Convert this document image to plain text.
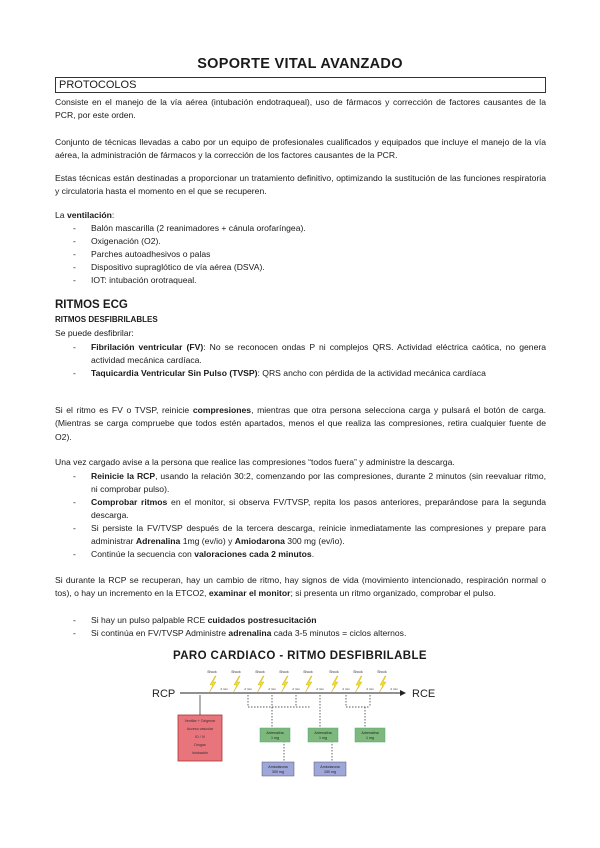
SOPORTE VITAL AVANZADO
PROTOCOLOS

Consiste en el manejo de la vía aérea (intubación endotraqueal), uso de fármacos y corrección de factores causantes de la PCR, por este orden.

Conjunto de técnicas llevadas a cabo por un equipo de profesionales cualificados y equipados que incluye el manejo de la vía aérea, la administración de fármacos y la corrección de los factores causantes de la PCR.

Estas técnicas están destinadas a proporcionar un tratamiento definitivo, optimizando la sustitución de las funciones respiratoria y circulatoria hasta el momento en el que se recuperen.

La ventilación:

- Balón mascarilla (2 reanimadores + cánula orofaríngea).
- Oxigenación (O2).
- Parches autoadhesivos o palas
- Dispositivo supraglótico de vía aérea (DSVA).
- IOT: intubación orotraqueal.
RITMOS ECG
RITMOS DESFIBRILABLES

Se puede desfibrilar:

- Fibrilación ventricular (FV): No se reconocen ondas P ni complejos QRS. Actividad eléctrica caótica, no genera actividad mecánica cardíaca.
- Taquicardia Ventricular Sin Pulso (TVSP): QRS ancho con pérdida de la actividad mecánica cardíaca

Si el ritmo es FV o TVSP, reinicie compresiones, mientras que otra persona selecciona carga y pulsará el botón de carga. (Mientras se carga compruebe que todos estén apartados, menos el que realiza las compresiones, retira cualquier fuente de O2).

Una vez cargado avise a la persona que realice las compresiones “todos fuera” y administre la descarga.

- Reinicie la RCP, usando la relación 30:2, comenzando por las compresiones, durante 2 minutos (sin reevaluar ritmo, ni comprobar pulso).
- Comprobar ritmos en el monitor, si observa FV/TVSP, repita los pasos anteriores, preparándose para la segunda descarga.
- Si persiste la FV/TVSP después de la tercera descarga, reinicie inmediatamente las compresiones y prepare para administrar Adrenalina 1mg (ev/io) y Amiodarona 300 mg (ev/io).
- Continúe la secuencia con valoraciones cada 2 minutos.

Si durante la RCP se recuperan, hay un cambio de ritmo, hay signos de vida (movimiento intencionado, respiración normal o tos), o hay un incremento en la ETCO2, examinar el monitor; si presenta un ritmo organizado, comprobar el pulso.

- Si hay un pulso palpable RCE cuidados postresucitación
- Si continúa en FV/TVSP Administre adrenalina cada 3-5 minutos = ciclos alternos.
PARO CARDIACO - RITMO DESFIBRILABLE
RCP	RCE
Shock
2 min
Shock
2 min
Shock
2 min
Shock
2 min
Shock
2 min
Shock
2 min
Shock
2 min
Shock
2 min
Ventilar + Oxigenar
Acceso vascular
IO / IV
Drogas
Intubación
Adrenalina
1 mg
Adrenalina
1 mg
Adrenalina
1 mg
Amiodarona
300 mg
Amiodarona
150 mg
